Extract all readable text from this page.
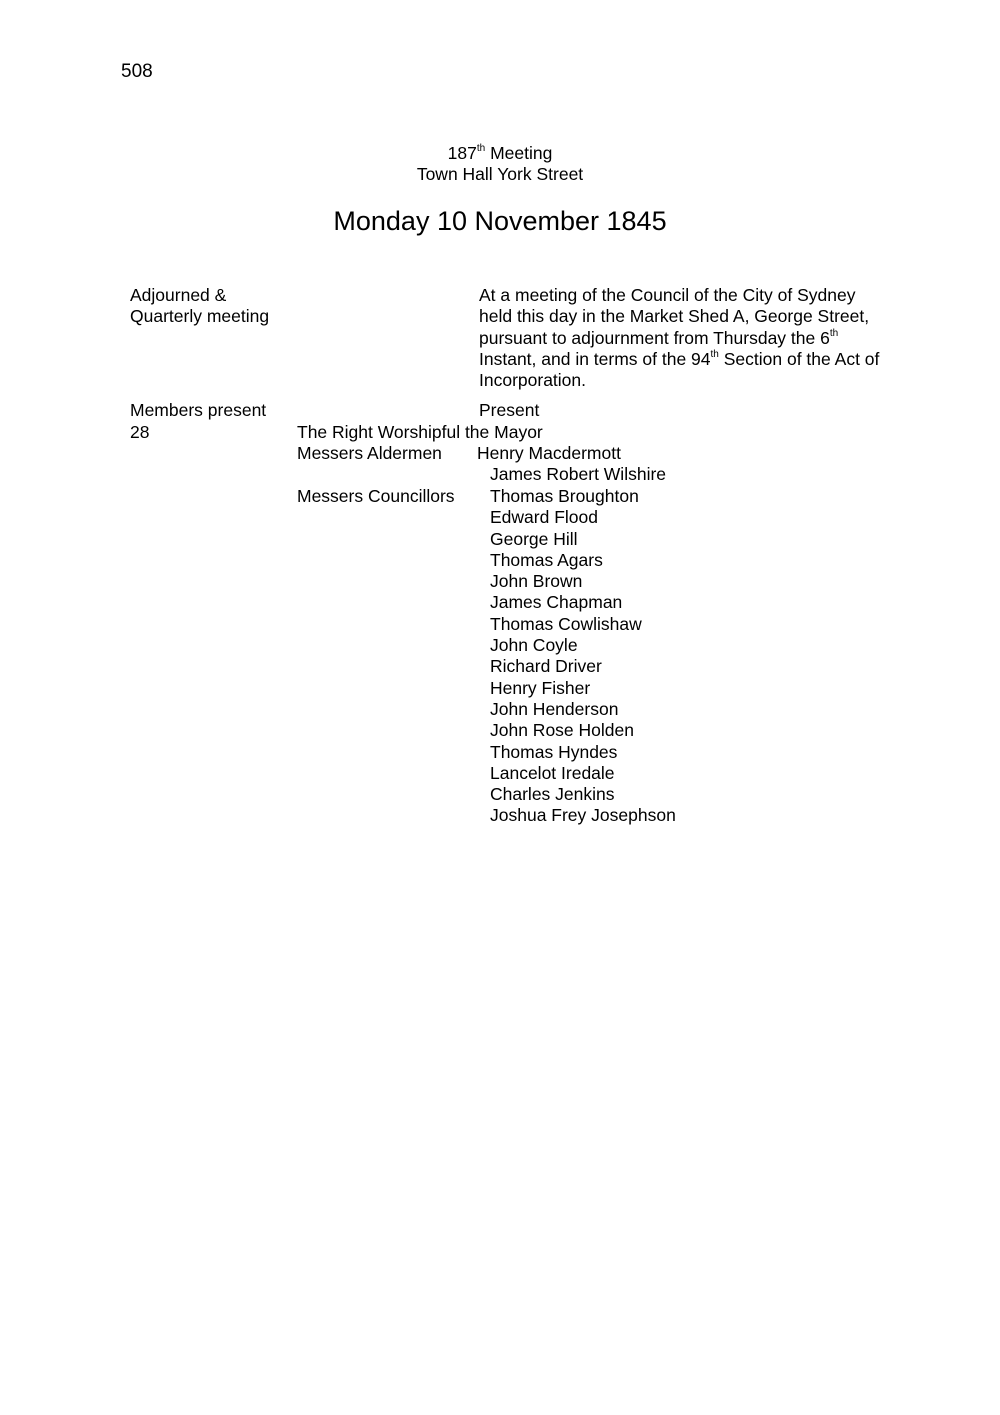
508
187th Meeting
Town Hall York Street
Monday 10 November 1845
Adjourned &
Quarterly meeting
At a meeting of the Council of the City of Sydney
held this day in the Market Shed A, George Street,
pursuant to adjournment from Thursday the 6th
Instant, and in terms of the 94th Section of the Act of
Incorporation.
Members present	Present
28	The Right Worshipful the Mayor
Messers Aldermen Henry Macdermott
James Robert Wilshire
Messers Councillors Thomas Broughton
Edward Flood
George Hill
Thomas Agars
John Brown
James Chapman
Thomas Cowlishaw
John Coyle
Richard Driver
Henry Fisher
John Henderson
John Rose Holden
Thomas Hyndes
Lancelot Iredale
Charles Jenkins
Joshua Frey Josephson
